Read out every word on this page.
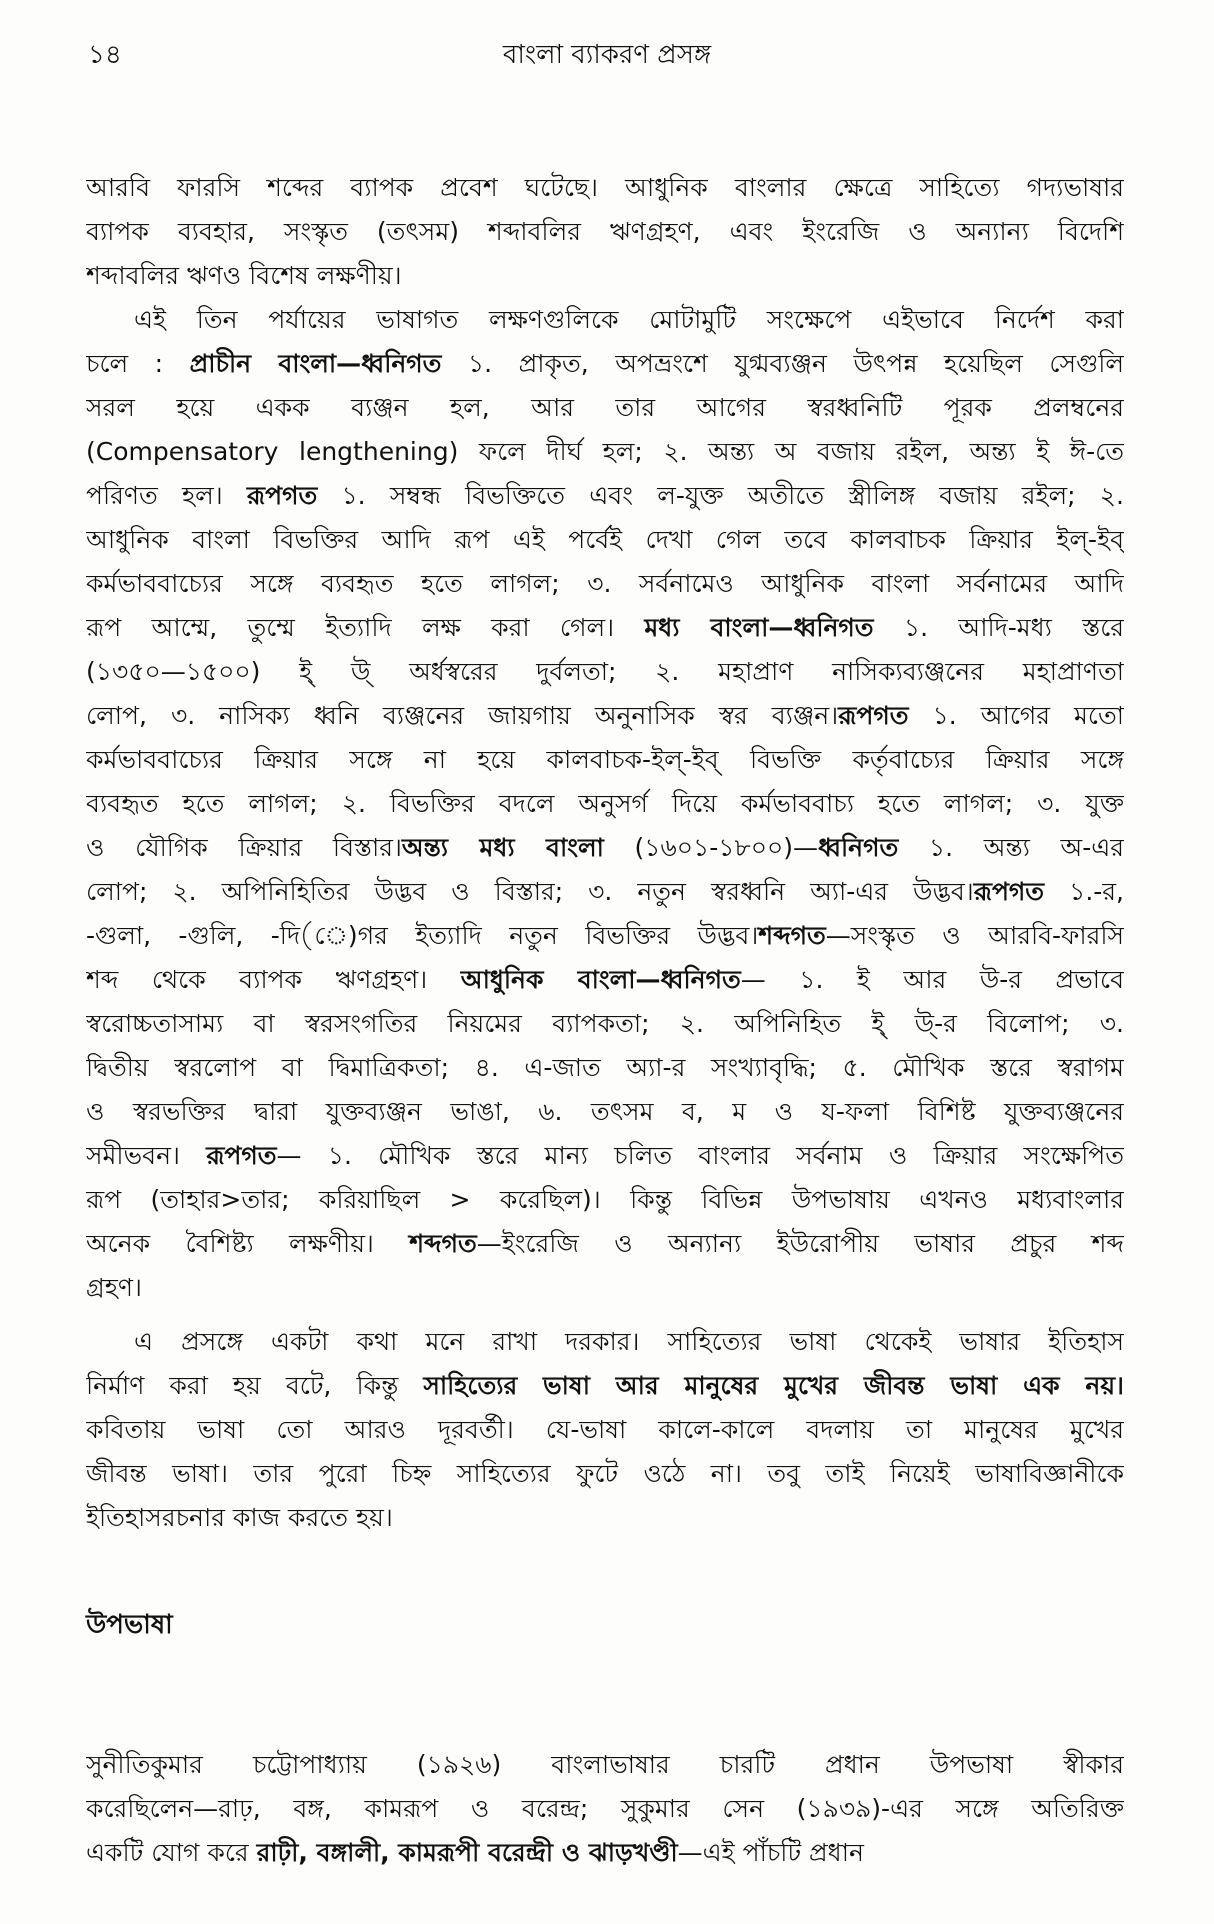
১৪	বাংলা ব্যাকরণ প্রসঙ্গ
আরবি ফারসি শব্দের ব্যাপক প্রবেশ ঘটেছে। আধুনিক বাংলার ক্ষেত্রে সাহিত্যে গদ্যভাষার
ব্যাপক ব্যবহার, সংস্কৃত (তৎসম) শব্দাবলির ঋণগ্রহণ, এবং ইংরেজি ও অন্যান্য বিদেশি
শব্দাবলির ঋণও বিশেষ লক্ষণীয়।
এই তিন পর্যায়ের ভাষাগত লক্ষণগুলিকে মোটামুটি সংক্ষেপে এইভাবে নির্দেশ করা
চলে : প্রাচীন বাংলা—ধ্বনিগত ১. প্রাকৃত, অপভ্রংশে যুগ্মব্যঞ্জন উৎপন্ন হয়েছিল সেগুলি
সরল হয়ে একক ব্যঞ্জন হল, আর তার আগের স্বরধ্বনিটি পূরক প্রলম্বনের
(Compensatory lengthening) ফলে দীর্ঘ হল; ২. অন্ত্য অ বজায় রইল, অন্ত্য ই ঈ-তে
পরিণত হল। রূপগত ১. সম্বন্ধ বিভক্তিতে এবং ল-যুক্ত অতীতে স্ত্রীলিঙ্গ বজায় রইল; ২.
আধুনিক বাংলা বিভক্তির আদি রূপ এই পর্বেই দেখা গেল তবে কালবাচক ক্রিয়ার ইল্-ইব্
কর্মভাববাচ্যের সঙ্গে ব্যবহৃত হতে লাগল; ৩. সর্বনামেও আধুনিক বাংলা সর্বনামের আদি
রূপ আম্মে, তুম্মে ইত্যাদি লক্ষ করা গেল। মধ্য বাংলা—ধ্বনিগত ১. আদি-মধ্য স্তরে
(১৩৫০—১৫০০) ই্ উ্ অর্ধস্বরের দুর্বলতা; ২. মহাপ্রাণ নাসিক্যব্যঞ্জনের মহাপ্রাণতা
লোপ, ৩. নাসিক্য ধ্বনি ব্যঞ্জনের জায়গায় অনুনাসিক স্বর ব্যঞ্জন।রূপগত ১. আগের মতো
কর্মভাববাচ্যের ক্রিয়ার সঙ্গে না হয়ে কালবাচক-ইল্-ইব্ বিভক্তি কর্তৃবাচ্যের ক্রিয়ার সঙ্গে
ব্যবহৃত হতে লাগল; ২. বিভক্তির বদলে অনুসর্গ দিয়ে কর্মভাববাচ্য হতে লাগল; ৩. যুক্ত
ও যৌগিক ক্রিয়ার বিস্তার।অন্ত্য মধ্য বাংলা (১৬০১-১৮০০)—ধ্বনিগত ১. অন্ত্য অ-এর
লোপ; ২. অপিনিহিতির উদ্ভব ও বিস্তার; ৩. নতুন স্বরধ্বনি অ্যা-এর উদ্ভব।রূপগত ১.-র,
-গুলা, -গুলি, -দি(ে)গর ইত্যাদি নতুন বিভক্তির উদ্ভব।শব্দগত—সংস্কৃত ও আরবি-ফারসি
শব্দ থেকে ব্যাপক ঋণগ্রহণ। আধুনিক বাংলা—ধ্বনিগত— ১. ই আর উ-র প্রভাবে
স্বরোচ্চতাসাম্য বা স্বরসংগতির নিয়মের ব্যাপকতা; ২. অপিনিহিত ই্ উ্-র বিলোপ; ৩.
দ্বিতীয় স্বরলোপ বা দ্বিমাত্রিকতা; ৪. এ-জাত অ্যা-র সংখ্যাবৃদ্ধি; ৫. মৌখিক স্তরে স্বরাগম
ও স্বরভক্তির দ্বারা যুক্তব্যঞ্জন ভাঙা, ৬. তৎসম ব, ম ও য-ফলা বিশিষ্ট যুক্তব্যঞ্জনের
সমীভবন। রূপগত— ১. মৌখিক স্তরে মান্য চলিত বাংলার সর্বনাম ও ক্রিয়ার সংক্ষেপিত
রূপ (তাহার>তার; করিয়াছিল > করেছিল)। কিন্তু বিভিন্ন উপভাষায় এখনও মধ্যবাংলার
অনেক বৈশিষ্ট্য লক্ষণীয়। শব্দগত—ইংরেজি ও অন্যান্য ইউরোপীয় ভাষার প্রচুর শব্দ
গ্রহণ।
এ প্রসঙ্গে একটা কথা মনে রাখা দরকার। সাহিত্যের ভাষা থেকেই ভাষার ইতিহাস
নির্মাণ করা হয় বটে, কিন্তু সাহিত্যের ভাষা আর মানুষের মুখের জীবন্ত ভাষা এক নয়।
কবিতায় ভাষা তো আরও দূরবর্তী। যে-ভাষা কালে-কালে বদলায় তা মানুষের মুখের
জীবন্ত ভাষা। তার পুরো চিহ্ন সাহিত্যের ফুটে ওঠে না। তবু তাই নিয়েই ভাষাবিজ্ঞানীকে
ইতিহাসরচনার কাজ করতে হয়।
উপভাষা
সুনীতিকুমার চট্টোপাধ্যায় (১৯২৬) বাংলাভাষার চারটি প্রধান উপভাষা স্বীকার
করেছিলেন—রাঢ়, বঙ্গ, কামরূপ ও বরেন্দ্র; সুকুমার সেন (১৯৩৯)-এর সঙ্গে অতিরিক্ত
একটি যোগ করে রাঢ়ী, বঙ্গালী, কামরূপী বরেন্দ্রী ও ঝাড়খণ্ডী—এই পাঁচটি প্রধান
